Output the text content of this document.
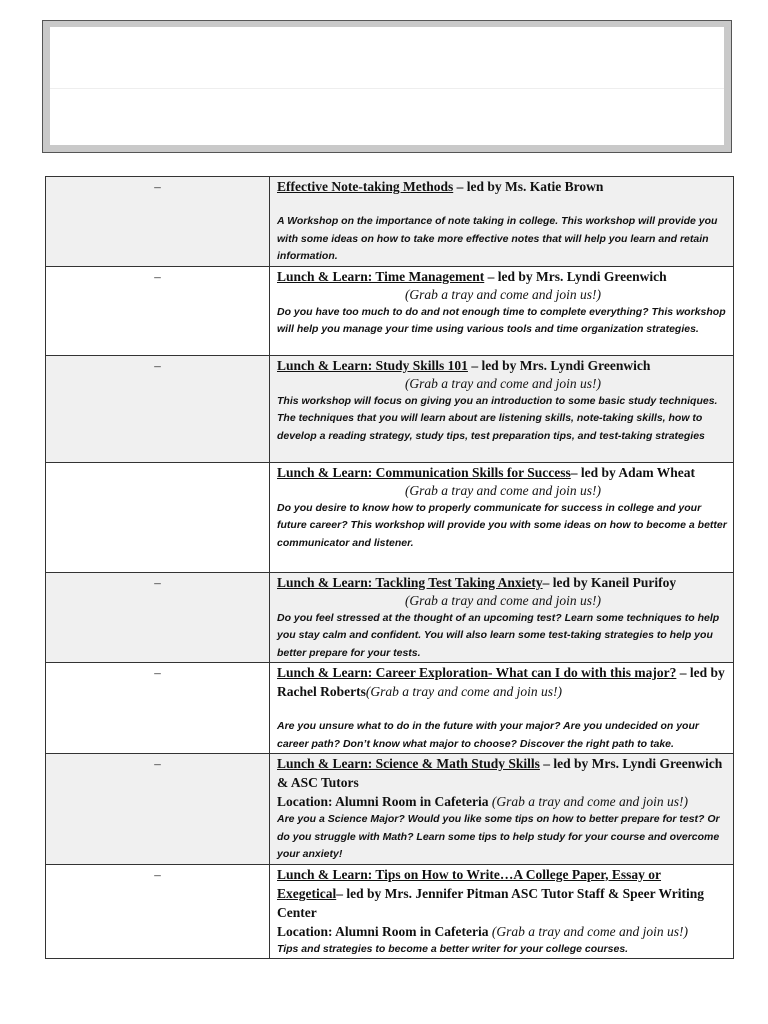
–	Effective Note-taking Methods – led by Ms. Katie Brown
A Workshop on the importance of note taking in college. This workshop will provide you with some ideas on how to take more effective notes that will help you learn and retain information.

–	Lunch & Learn: Time Management – led by Mrs. Lyndi Greenwich
(Grab a tray and come and join us!)
Do you have too much to do and not enough time to complete everything? This workshop will help you manage your time using various tools and time organization strategies.

–	Lunch & Learn: Study Skills 101 – led by Mrs. Lyndi Greenwich
(Grab a tray and come and join us!)
This workshop will focus on giving you an introduction to some basic study techniques. The techniques that you will learn about are listening skills, note-taking skills, how to develop a reading strategy, study tips, test preparation tips, and test-taking strategies

	Lunch & Learn: Communication Skills for Success– led by Adam Wheat
(Grab a tray and come and join us!)
Do you desire to know how to properly communicate for success in college and your future career? This workshop will provide you with some ideas on how to become a better communicator and listener.

–	Lunch & Learn: Tackling Test Taking Anxiety– led by Kaneil Purifoy
(Grab a tray and come and join us!)
Do you feel stressed at the thought of an upcoming test? Learn some techniques to help you stay calm and confident. You will also learn some test-taking strategies to help you better prepare for your tests.

–	Lunch & Learn: Career Exploration- What can I do with this major? – led by Rachel Roberts(Grab a tray and come and join us!)
Are you unsure what to do in the future with your major? Are you undecided on your career path? Don’t know what major to choose? Discover the right path to take.

–	Lunch & Learn: Science & Math Study Skills – led by Mrs. Lyndi Greenwich & ASC Tutors
Location: Alumni Room in Cafeteria (Grab a tray and come and join us!)
Are you a Science Major? Would you like some tips on how to better prepare for test? Or do you struggle with Math? Learn some tips to help study for your course and overcome your anxiety!

–	Lunch & Learn: Tips on How to Write…A College Paper, Essay or Exegetical– led by Mrs. Jennifer Pitman ASC Tutor Staff & Speer Writing Center
Location: Alumni Room in Cafeteria (Grab a tray and come and join us!)
Tips and strategies to become a better writer for your college courses.
